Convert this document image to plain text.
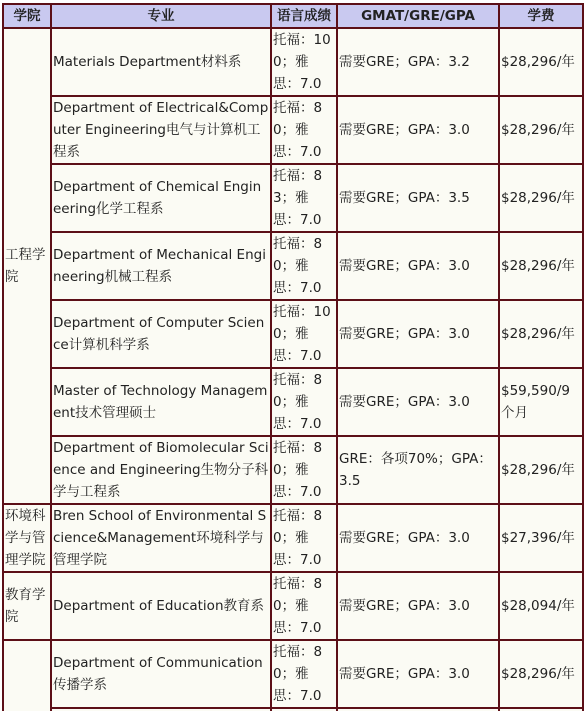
学院	专业	语言成绩	GMAT/GRE/GPA	学费
工程学院	Materials Department材料系	托福：100；雅思：7.0	需要GRE；GPA：3.2	$28,296/年
	Department of Electrical&Computer Engineering电气与计算机工程系	托福：80；雅思：7.0	需要GRE；GPA：3.0	$28,296/年
	Department of Chemical Engineering化学工程系	托福：83；雅思：7.0	需要GRE；GPA：3.5	$28,296/年
	Department of Mechanical Engineering机械工程系	托福：80；雅思：7.0	需要GRE；GPA：3.0	$28,296/年
	Department of Computer Science计算机科学系	托福：100；雅思：7.0	需要GRE；GPA：3.0	$28,296/年
	Master of Technology Management技术管理硕士	托福：80；雅思：7.0	需要GRE；GPA：3.0	$59,590/9个月
	Department of Biomolecular Science and Engineering生物分子科学与工程系	托福：80；雅思：7.0	GRE：各项70%；GPA：3.5	$28,296/年
环境科学与管理学院	Bren School of Environmental Science&Management环境科学与管理学院	托福：80；雅思：7.0	需要GRE；GPA：3.0	$27,396/年
教育学院	Department of Education教育系	托福：80；雅思：7.0	需要GRE；GPA：3.0	$28,094/年
	Department of Communication传播学系	托福：80；雅思：7.0	需要GRE；GPA：3.0	$28,296/年
